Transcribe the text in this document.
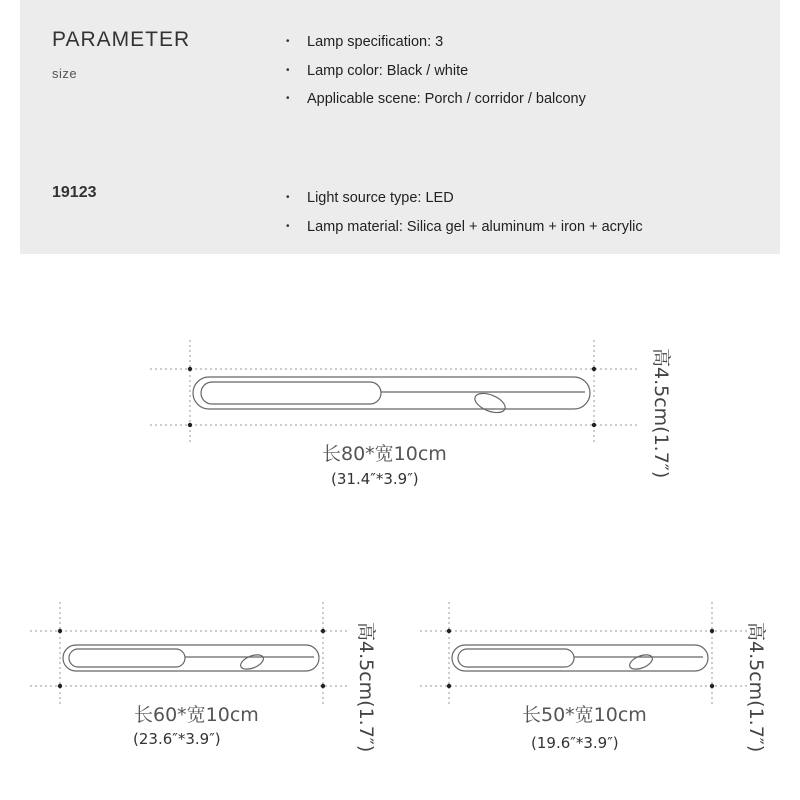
PARAMETER
size
19123
• Lamp specification: 3
• Lamp color: Black / white
• Applicable scene: Porch / corridor / balcony
• Light source type: LED
• Lamp material: Silica gel + aluminum + iron + acrylic
长80*宽10cm
(31.4″*3.9″)
高4.5cm(1.7″)
长60*宽10cm
(23.6″*3.9″)	高4.5cm(1.7″)	长50*宽10cm
(19.6″*3.9″)	高4.5cm(1.7″)
